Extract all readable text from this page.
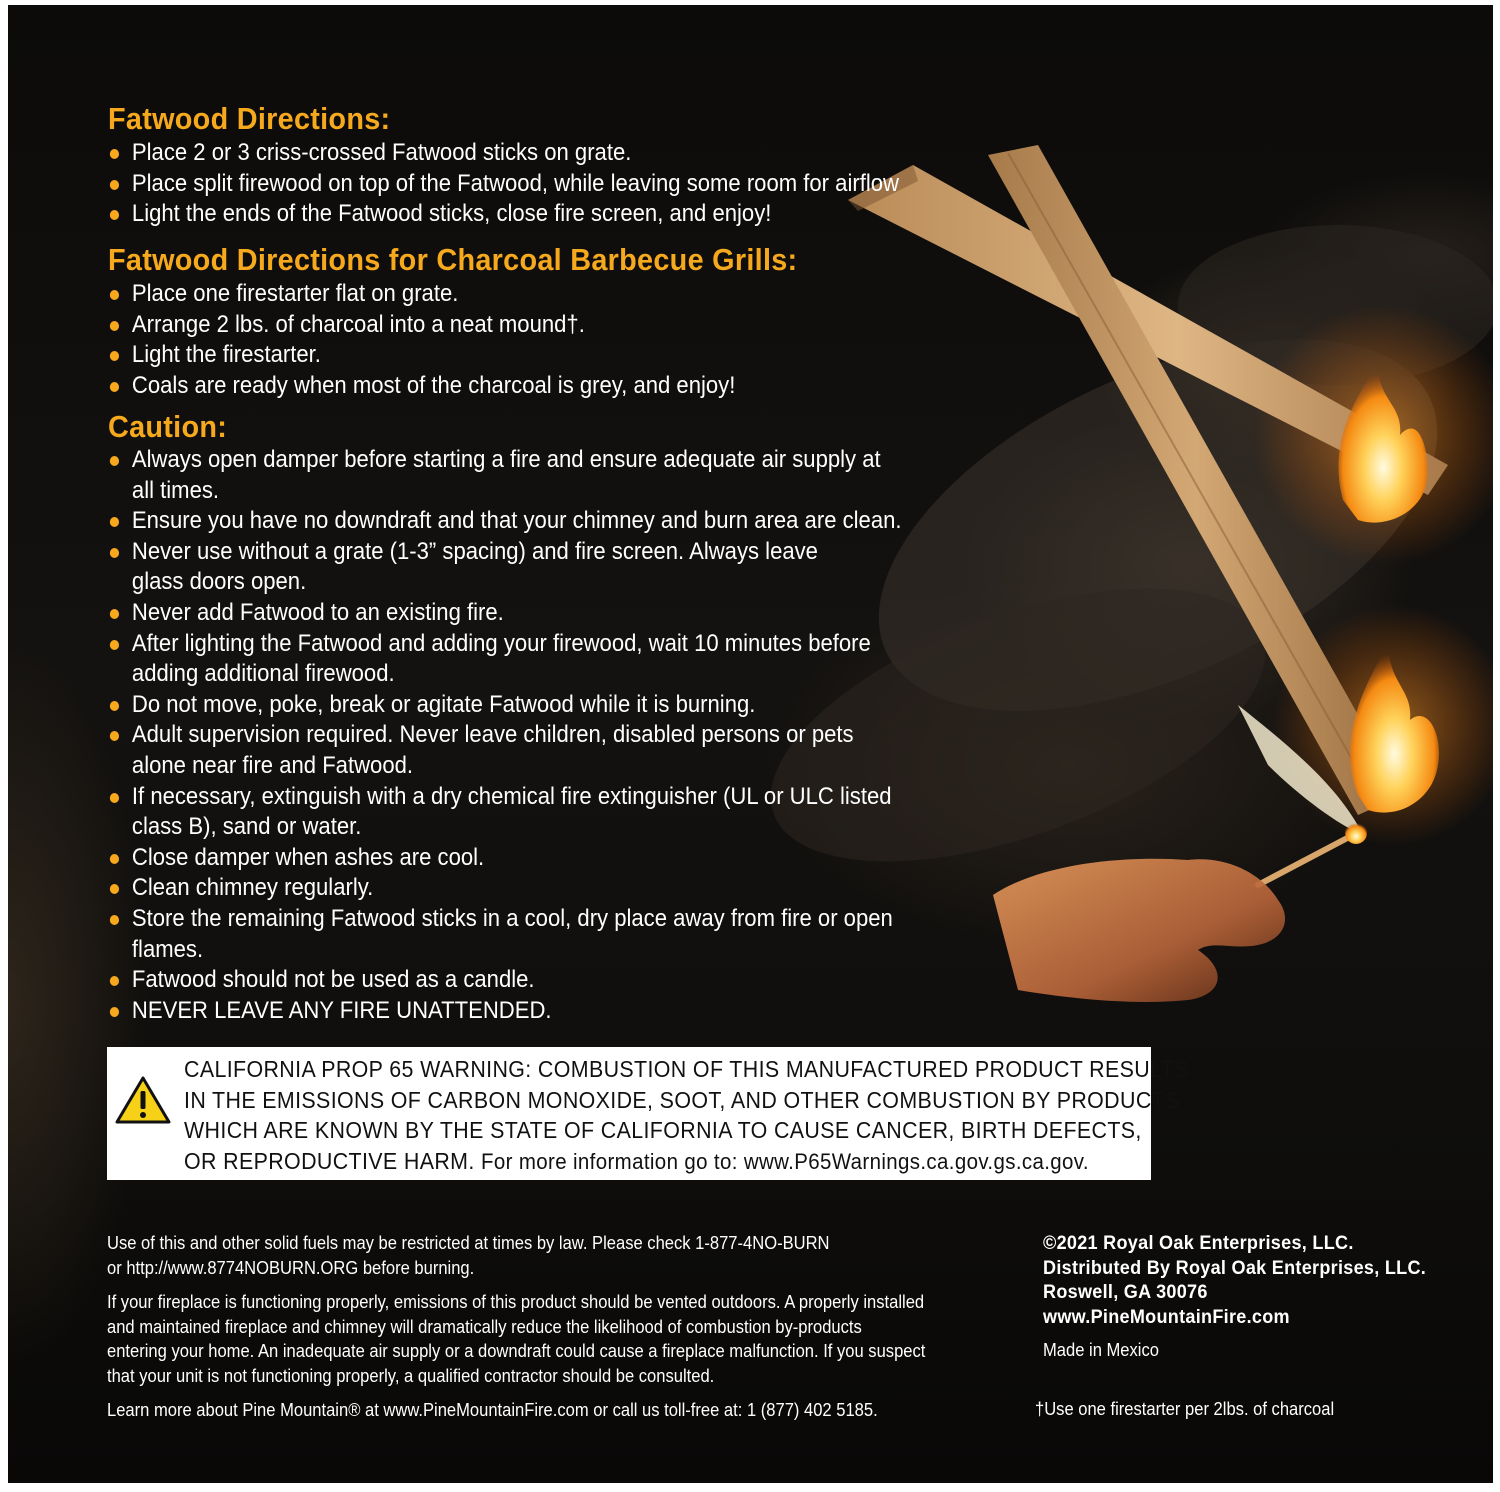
Fatwood Directions:
Place 2 or 3 criss-crossed Fatwood sticks on grate.
Place split firewood on top of the Fatwood, while leaving some room for airflow
Light the ends of the Fatwood sticks, close fire screen, and enjoy!
Fatwood Directions for Charcoal Barbecue Grills:
Place one firestarter flat on grate.
Arrange 2 lbs. of charcoal into a neat mound†.
Light the firestarter.
Coals are ready when most of the charcoal is grey, and enjoy!
Caution:
Always open damper before starting a fire and ensure adequate air supply at all times.
Ensure you have no downdraft and that your chimney and burn area are clean.
Never use without a grate (1-3” spacing) and fire screen. Always leave glass doors open.
Never add Fatwood to an existing fire.
After lighting the Fatwood and adding your firewood, wait 10 minutes before adding additional firewood.
Do not move, poke, break or agitate Fatwood while it is burning.
Adult supervision required. Never leave children, disabled persons or pets alone near fire and Fatwood.
If necessary, extinguish with a dry chemical fire extinguisher (UL or ULC listed class B), sand or water.
Close damper when ashes are cool.
Clean chimney regularly.
Store the remaining Fatwood sticks in a cool, dry place away from fire or open flames.
Fatwood should not be used as a candle.
NEVER LEAVE ANY FIRE UNATTENDED.
CALIFORNIA PROP 65 WARNING: COMBUSTION OF THIS MANUFACTURED PRODUCT RESULTS
IN THE EMISSIONS OF CARBON MONOXIDE, SOOT, AND OTHER COMBUSTION BY PRODUCTS
WHICH ARE KNOWN BY THE STATE OF CALIFORNIA TO CAUSE CANCER, BIRTH DEFECTS,
OR REPRODUCTIVE HARM. For more information go to: www.P65Warnings.ca.gov.gs.ca.gov.

Use of this and other solid fuels may be restricted at times by law. Please check 1-877-4NO-BURN or http://www.8774NOBURN.ORG before burning.

If your fireplace is functioning properly, emissions of this product should be vented outdoors. A properly installed and maintained fireplace and chimney will dramatically reduce the likelihood of combustion by-products entering your home. An inadequate air supply or a downdraft could cause a fireplace malfunction. If you suspect that your unit is not functioning properly, a qualified contractor should be consulted.

Learn more about Pine Mountain® at www.PineMountainFire.com or call us toll-free at: 1 (877) 402 5185.

©2021 Royal Oak Enterprises, LLC.
Distributed By Royal Oak Enterprises, LLC.
Roswell, GA 30076
www.PineMountainFire.com
Made in Mexico
†Use one firestarter per 2lbs. of charcoal
